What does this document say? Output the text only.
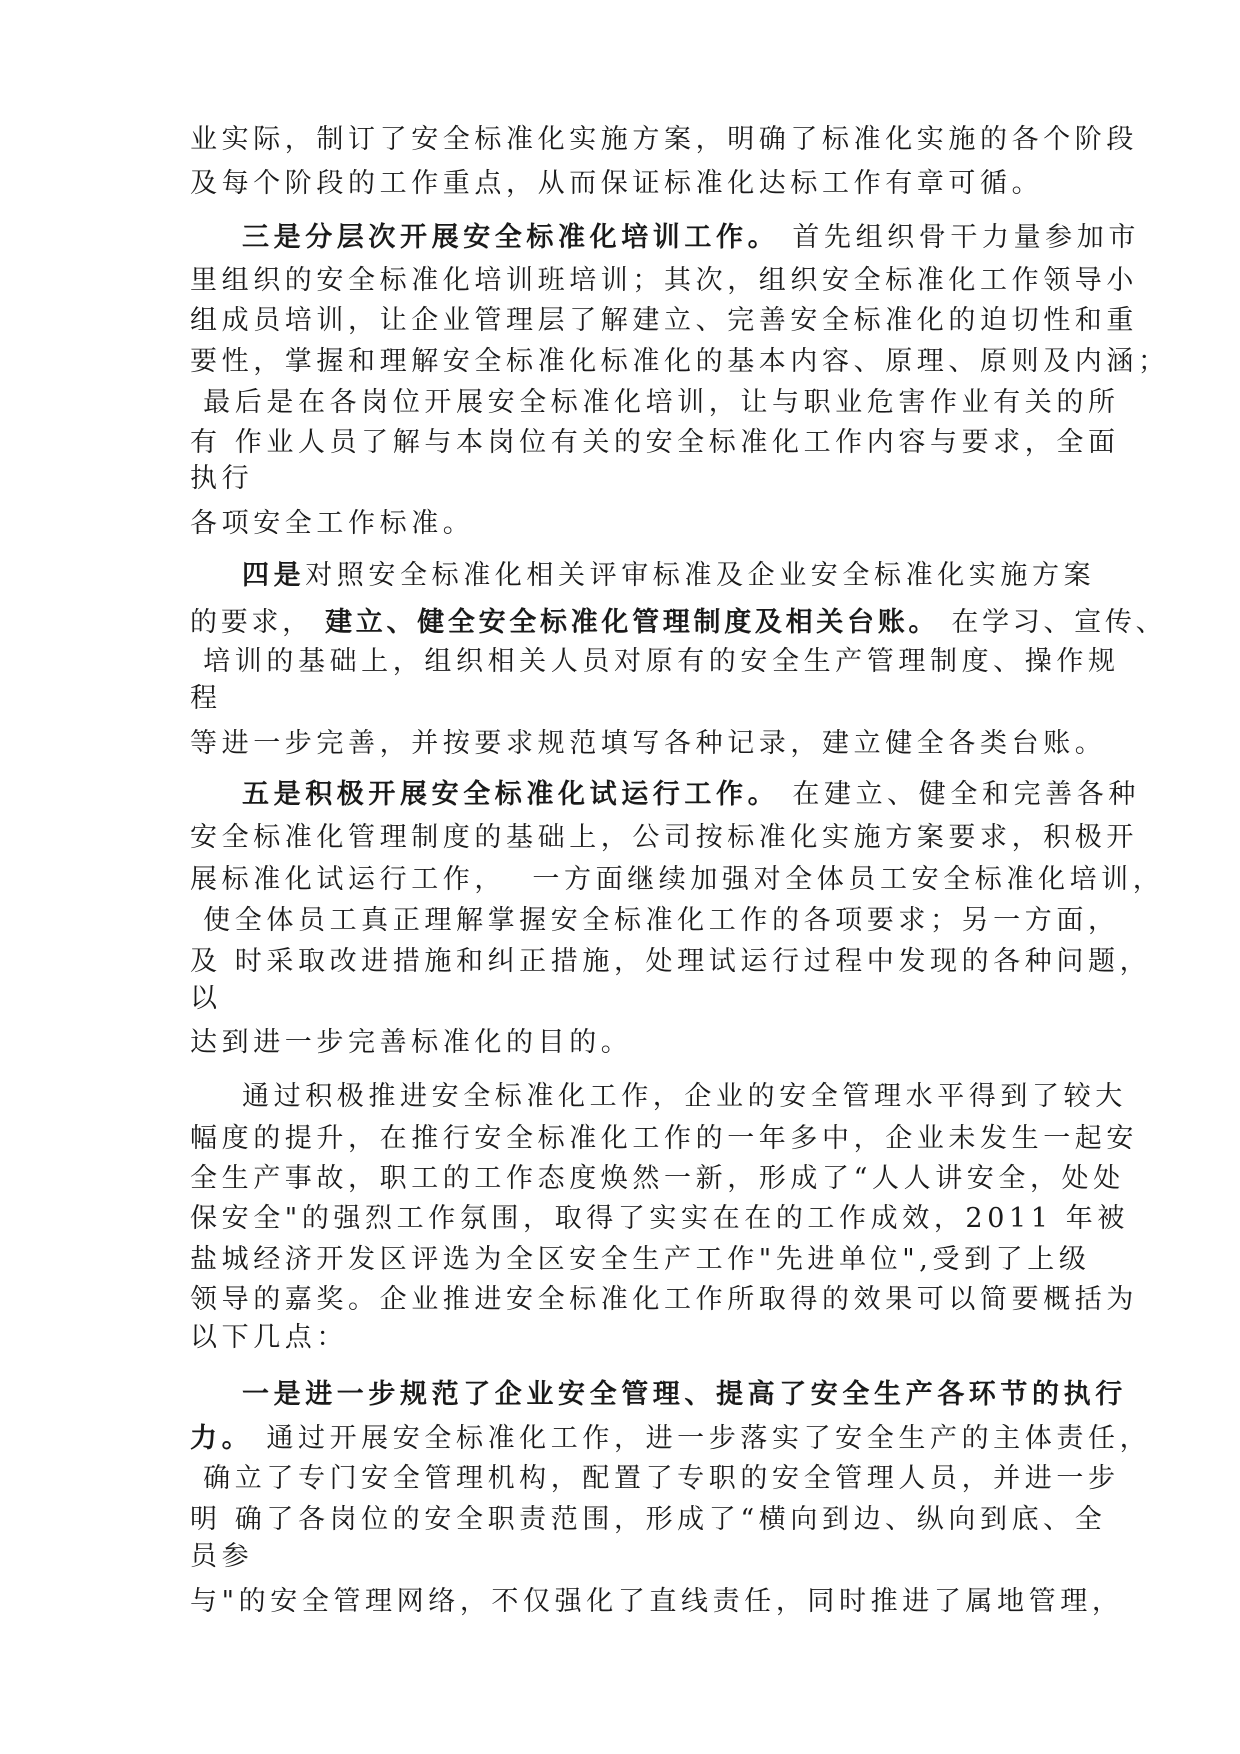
业实际，制订了安全标准化实施方案，明确了标准化实施的各个阶段
及每个阶段的工作重点，从而保证标准化达标工作有章可循。
三是分层次开展安全标准化培训工作。 首先组织骨干力量参加市
里组织的安全标准化培训班培训；其次，组织安全标准化工作领导小
组成员培训，让企业管理层了解建立、完善安全标准化的迫切性和重
要性，掌握和理解安全标准化标准化的基本内容、原理、原则及内涵；
最后是在各岗位开展安全标准化培训，让与职业危害作业有关的所
有 作业人员了解与本岗位有关的安全标准化工作内容与要求，全面
执行
各项安全工作标准。
四是对照安全标准化相关评审标准及企业安全标准化实施方案
的要求， 建立、健全安全标准化管理制度及相关台账。 在学习、宣传、
培训的基础上，组织相关人员对原有的安全生产管理制度、操作规
程
等进一步完善，并按要求规范填写各种记录，建立健全各类台账。
五是积极开展安全标准化试运行工作。 在建立、健全和完善各种
安全标准化管理制度的基础上，公司按标准化实施方案要求，积极开
展标准化试运行工作，  一方面继续加强对全体员工安全标准化培训，
使全体员工真正理解掌握安全标准化工作的各项要求；另一方面，
及 时采取改进措施和纠正措施，处理试运行过程中发现的各种问题，
以
达到进一步完善标准化的目的。
通过积极推进安全标准化工作，企业的安全管理水平得到了较大
幅度的提升，在推行安全标准化工作的一年多中，企业未发生一起安
全生产事故，职工的工作态度焕然一新，形成了“人人讲安全，处处
保安全"的强烈工作氛围，取得了实实在在的工作成效，2011 年被
盐城经济开发区评选为全区安全生产工作"先进单位",受到了上级
领导的嘉奖。企业推进安全标准化工作所取得的效果可以简要概括为
以下几点：
一是进一步规范了企业安全管理、提高了安全生产各环节的执行
力。 通过开展安全标准化工作，进一步落实了安全生产的主体责任，
确立了专门安全管理机构，配置了专职的安全管理人员，并进一步
明 确了各岗位的安全职责范围，形成了“横向到边、纵向到底、全
员参
与"的安全管理网络，不仅强化了直线责任，同时推进了属地管理，
